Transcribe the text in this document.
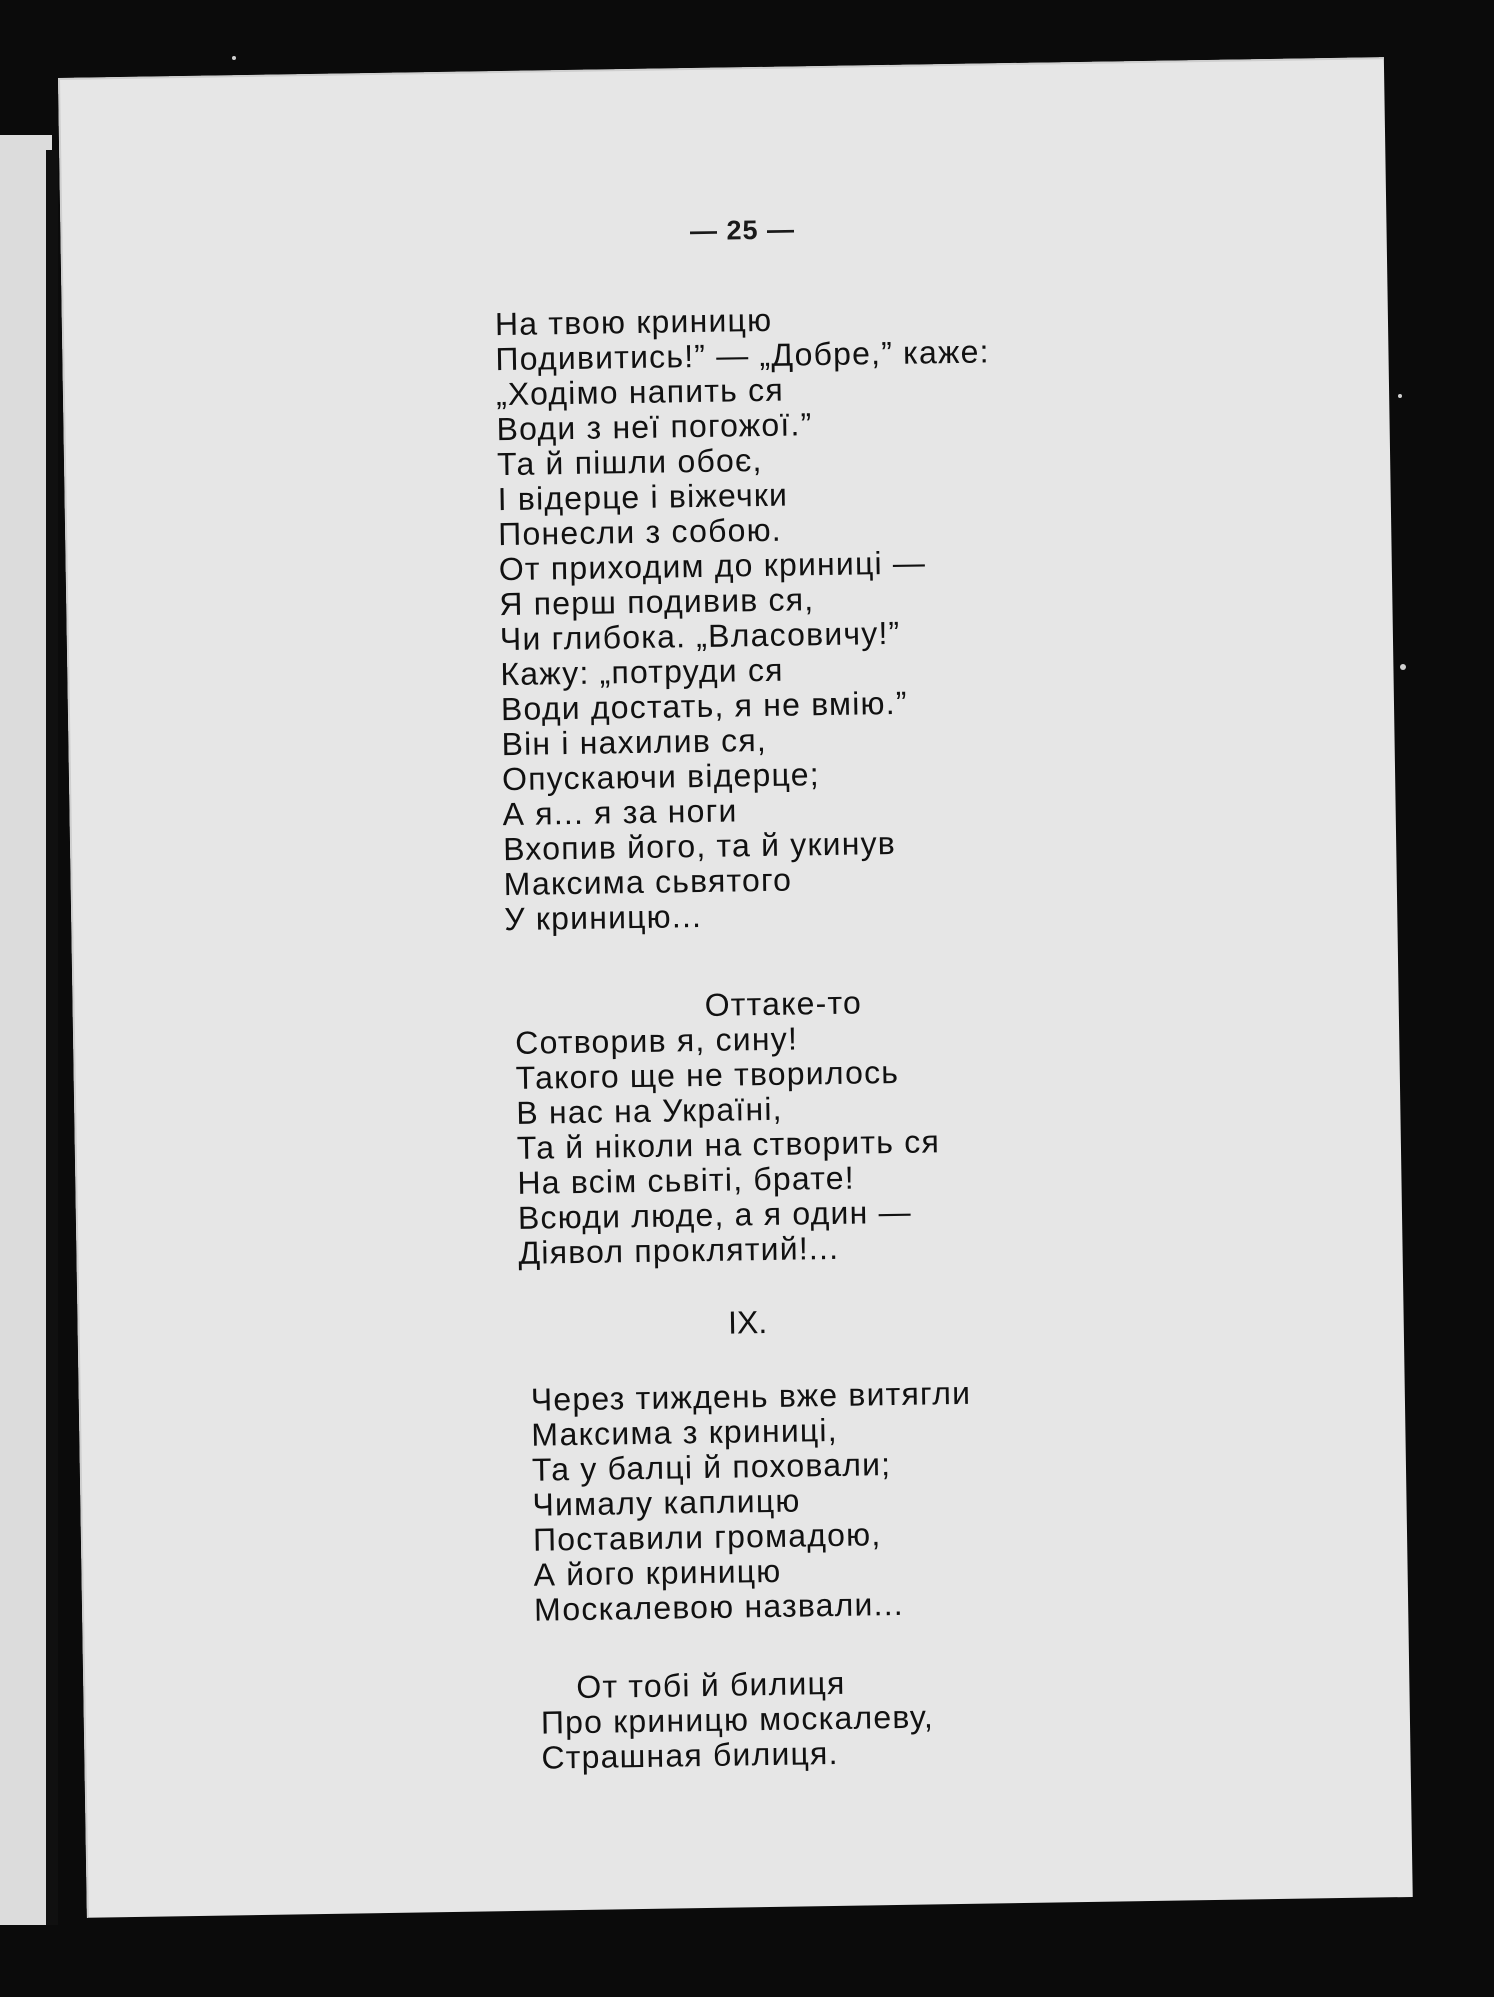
— 25 —
На твою криницю
Подивитись!” — „Добре,” каже:
„Ходімо напить ся
Води з неї погожої.”
Та й пішли обоє,
І відерце і віжечки
Понесли з собою.
От приходим до криниці —
Я перш подивив ся,
Чи глибока. „Власовичу!”
Кажу: „потруди ся
Води достать, я не вмію.”
Він і нахилив ся,
Опускаючи відерце;
А я... я за ноги
Вхопив його, та й укинув
Максима сьвятого
У криницю...
Оттаке-то
Сотворив я, сину!
Такого ще не творилось
В нас на Україні,
Та й ніколи на створить ся
На всім сьвіті, брате!
Всюди люде, а я один —
Діявол проклятий!...
IX.
Через тиждень вже витягли
Максима з криниці,
Та у балці й поховали;
Чималу каплицю
Поставили громадою,
А його криницю
Москалевою назвали...
От тобі й билиця
Про криницю москалеву,
Страшная билиця.
